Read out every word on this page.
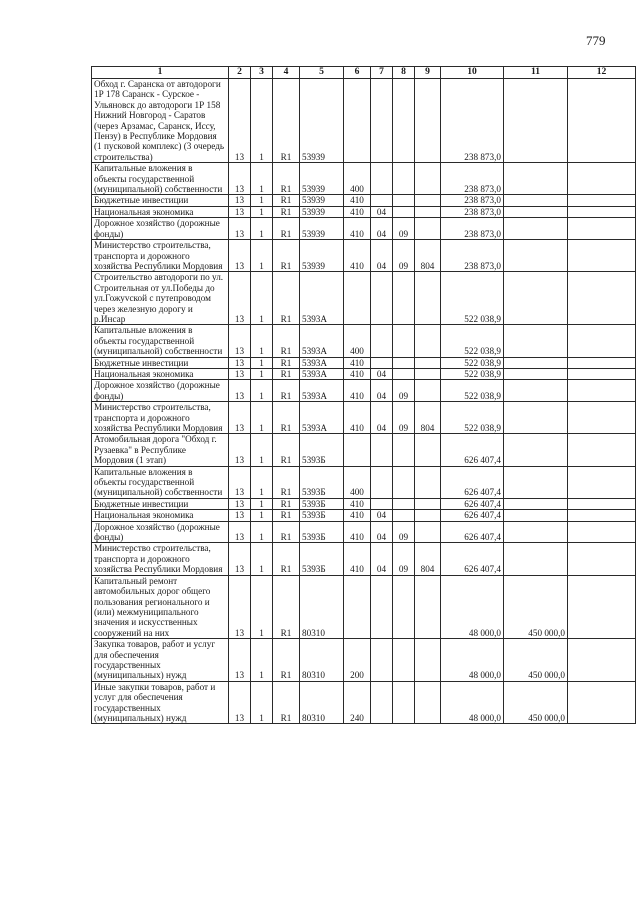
779
1	2	3	4	5	6	7	8	9	10	11	12
Обход г. Саранска от автодороги 1Р 178 Саранск - Сурское - Ульяновск до автодороги 1Р 158 Нижний Новгород - Саратов (через Арзамас, Саранск, Иссу, Пензу) в Республике Мордовия (1 пусковой комплекс) (3 очередь строительства)	13	1	R1	53939					238 873,0		
Капитальные вложения в объекты государственной (муниципальной) собственности	13	1	R1	53939	400				238 873,0		
Бюджетные инвестиции	13	1	R1	53939	410				238 873,0		
Национальная экономика	13	1	R1	53939	410	04			238 873,0		
Дорожное хозяйство (дорожные фонды)	13	1	R1	53939	410	04	09		238 873,0		
Министерство строительства, транспорта и дорожного хозяйства Республики Мордовия	13	1	R1	53939	410	04	09	804	238 873,0		
Строительство автодороги по ул. Строительная от ул.Победы до ул.Гожуvской с путепроводом через железную дорогу и р.Инсар	13	1	R1	5393А					522 038,9		
Капитальные вложения в объекты государственной (муниципальной) собственности	13	1	R1	5393А	400				522 038,9		
Бюджетные инвестиции	13	1	R1	5393А	410				522 038,9		
Национальная экономика	13	1	R1	5393А	410	04			522 038,9		
Дорожное хозяйство (дорожные фонды)	13	1	R1	5393А	410	04	09		522 038,9		
Министерство строительства, транспорта и дорожного хозяйства Республики Мордовия	13	1	R1	5393А	410	04	09	804	522 038,9		
Атомобильная дорога "Обход г. Рузаевка" в Республике Мордовия (1 этап)	13	1	R1	5393Б					626 407,4		
Капитальные вложения в объекты государственной (муниципальной) собственности	13	1	R1	5393Б	400				626 407,4		
Бюджетные инвестиции	13	1	R1	5393Б	410				626 407,4		
Национальная экономика	13	1	R1	5393Б	410	04			626 407,4		
Дорожное хозяйство (дорожные фонды)	13	1	R1	5393Б	410	04	09		626 407,4		
Министерство строительства, транспорта и дорожного хозяйства Республики Мордовия	13	1	R1	5393Б	410	04	09	804	626 407,4		
Капитальный ремонт автомобильных дорог общего пользования регионального и (или) межмуниципального значения и искусственных сооружений на них	13	1	R1	80310					48 000,0	450 000,0	
Закупка товаров, работ и услуг для обеспечения государственных (муниципальных) нужд	13	1	R1	80310	200				48 000,0	450 000,0	
Иные закупки товаров, работ и услуг для обеспечения государственных (муниципальных) нужд	13	1	R1	80310	240				48 000,0	450 000,0	
